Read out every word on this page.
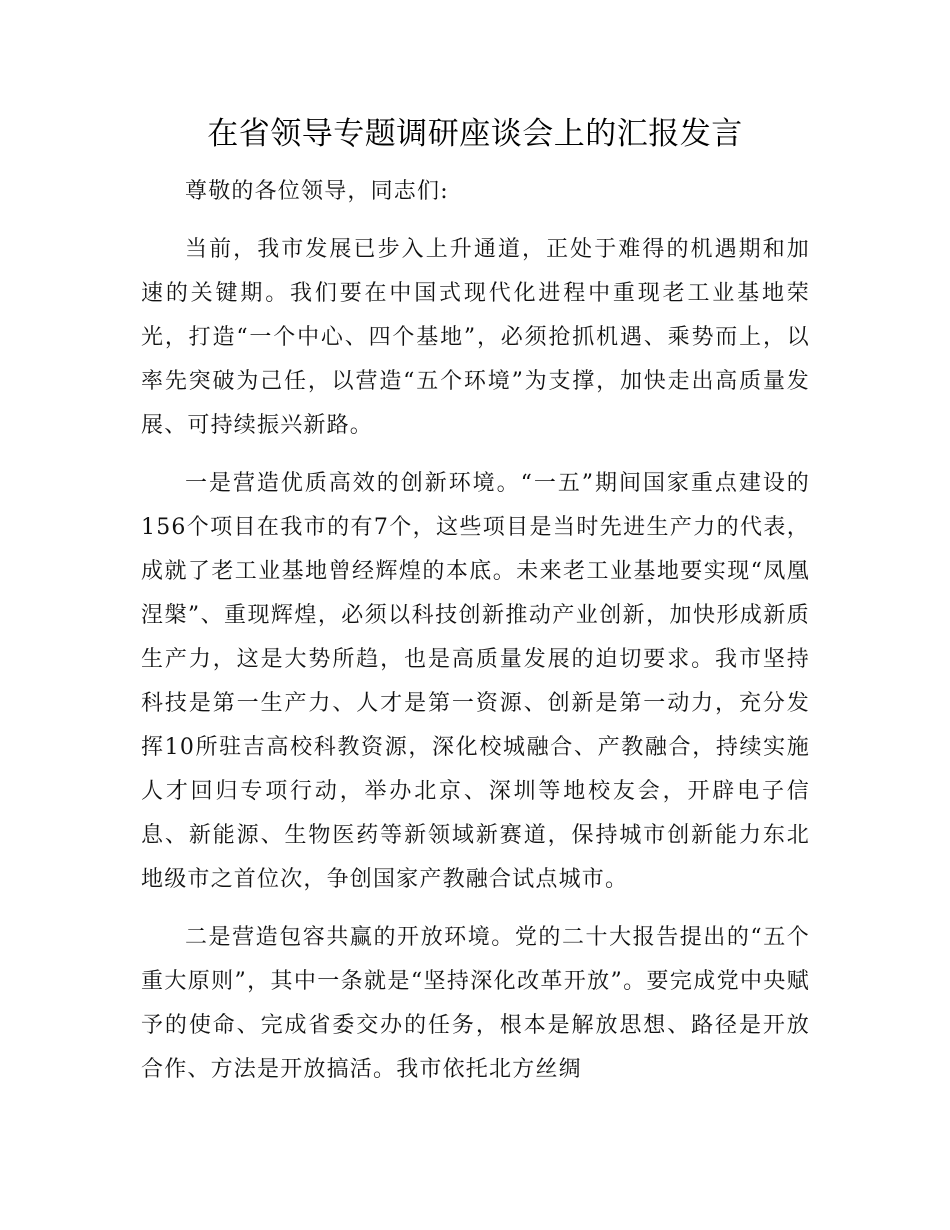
在省领导专题调研座谈会上的汇报发言

尊敬的各位领导，同志们:

当前，我市发展已步入上升通道，正处于难得的机遇期和加速的关键期。我们要在中国式现代化进程中重现老工业基地荣光，打造“一个中心、四个基地”，必须抢抓机遇、乘势而上，以率先突破为己任，以营造“五个环境”为支撑，加快走出高质量发展、可持续振兴新路。

一是营造优质高效的创新环境。“一五”期间国家重点建设的156个项目在我市的有7个，这些项目是当时先进生产力的代表，成就了老工业基地曾经辉煌的本底。未来老工业基地要实现“凤凰涅槃”、重现辉煌，必须以科技创新推动产业创新，加快形成新质生产力，这是大势所趋，也是高质量发展的迫切要求。我市坚持科技是第一生产力、人才是第一资源、创新是第一动力，充分发挥10所驻吉高校科教资源，深化校城融合、产教融合，持续实施人才回归专项行动，举办北京、深圳等地校友会，开辟电子信息、新能源、生物医药等新领域新赛道，保持城市创新能力东北地级市之首位次，争创国家产教融合试点城市。

二是营造包容共赢的开放环境。党的二十大报告提出的“五个重大原则”，其中一条就是“坚持深化改革开放”。要完成党中央赋予的使命、完成省委交办的任务，根本是解放思想、路径是开放合作、方法是开放搞活。我市依托北方丝绸
